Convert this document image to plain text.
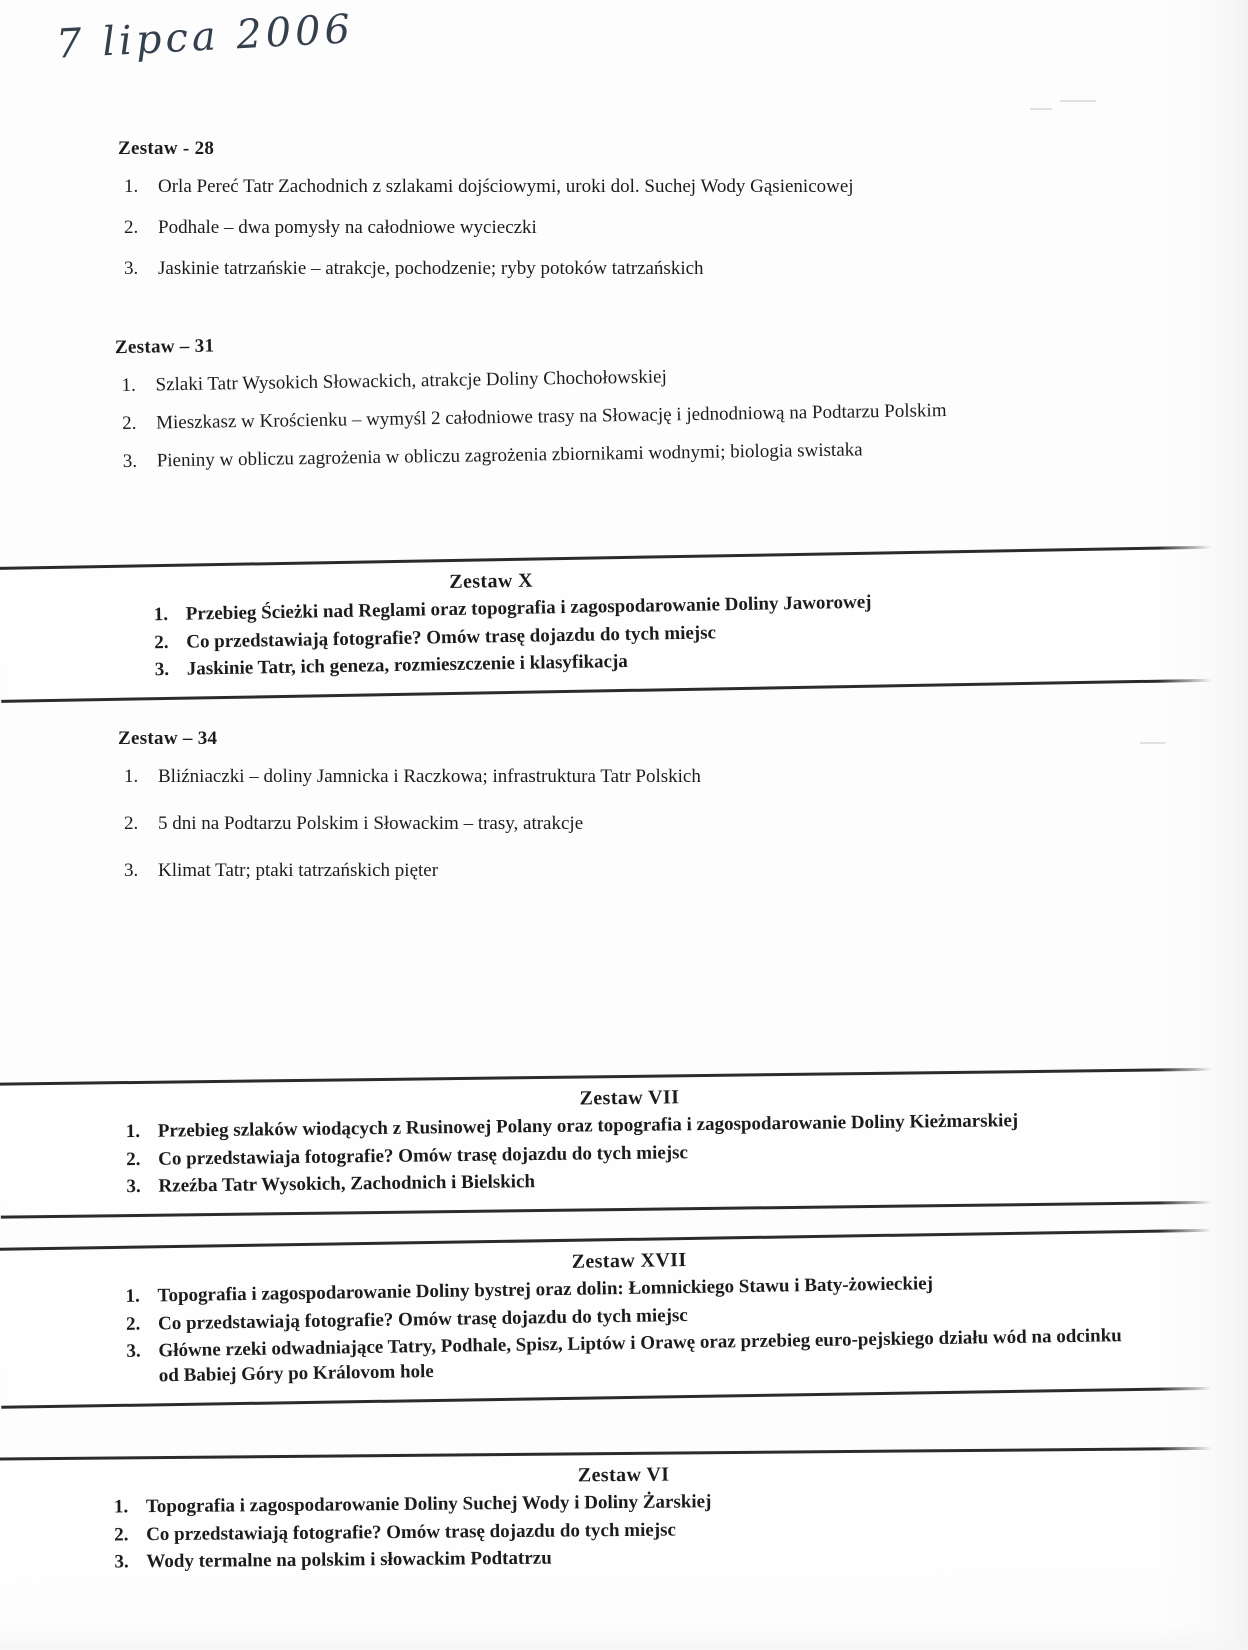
7 lipca 2006
Zestaw - 28
1. Orla Pereć Tatr Zachodnich z szlakami dojściowymi, uroki dol. Suchej Wody Gąsienicowej
2. Podhale – dwa pomysły na całodniowe wycieczki
3. Jaskinie tatrzańskie – atrakcje, pochodzenie; ryby potoków tatrzańskich
Zestaw – 31
1. Szlaki Tatr Wysokich Słowackich, atrakcje Doliny Chochołowskiej
2. Mieszkasz w Krościenku – wymyśl 2 całodniowe trasy na Słowację i jednodniową na Podtarzu Polskim
3. Pieniny w obliczu zagrożenia w obliczu zagrożenia zbiornikami wodnymi; biologia swistaka
Zestaw X
1. Przebieg Ścieżki nad Reglami oraz topografia i zagospodarowanie Doliny Jaworowej
2. Co przedstawiają fotografie? Omów trasę dojazdu do tych miejsc
3. Jaskinie Tatr, ich geneza, rozmieszczenie i klasyfikacja
Zestaw – 34
1. Bliźniaczki – doliny Jamnicka i Raczkowa; infrastruktura Tatr Polskich
2. 5 dni na Podtarzu Polskim i Słowackim – trasy, atrakcje
3. Klimat Tatr; ptaki tatrzańskich pięter
Zestaw VII
1. Przebieg szlaków wiodących z Rusinowej Polany oraz topografia i zagospodarowanie Doliny Kieżmarskiej
2. Co przedstawiaja fotografie? Omów trasę dojazdu do tych miejsc
3. Rzeźba Tatr Wysokich, Zachodnich i Bielskich
Zestaw XVII
1. Topografia i zagospodarowanie Doliny bystrej oraz dolin: Łomnickiego Stawu i Baty-żowieckiej
2. Co przedstawiają fotografie? Omów trasę dojazdu do tych miejsc
3. Główne rzeki odwadniające Tatry, Podhale, Spisz, Liptów i Orawę oraz przebieg euro-pejskiego działu wód na odcinku od Babiej Góry po Královom hole
Zestaw VI
1. Topografia i zagospodarowanie Doliny Suchej Wody i Doliny Żarskiej
2. Co przedstawiają fotografie? Omów trasę dojazdu do tych miejsc
3. Wody termalne na polskim i słowackim Podtatrzu
